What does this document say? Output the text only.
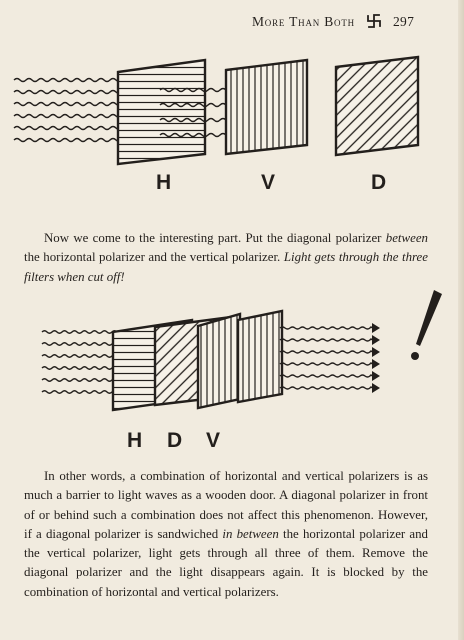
More Than Both	297
H	V	D

Now we come to the interesting part. Put the diagonal polarizer between the horizontal polarizer and the vertical polarizer. Light gets through the three filters when cut off!

H D V

In other words, a combination of horizontal and vertical polarizers is as much a barrier to light waves as a wooden door. A diagonal polarizer in front of or behind such a combination does not affect this phenomenon. However, if a diagonal polarizer is sandwiched in between the horizontal polarizer and the vertical polarizer, light gets through all three of them. Remove the diagonal polarizer and the light disappears again. It is blocked by the combination of horizontal and vertical polarizers.
